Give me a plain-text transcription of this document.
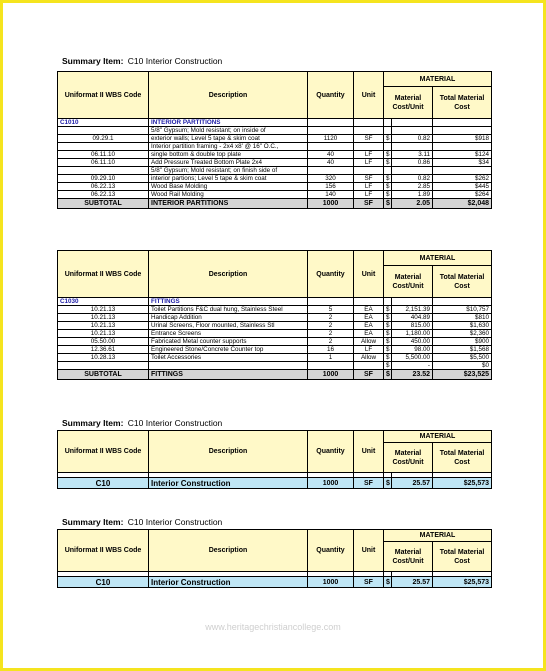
Summary Item: C10 Interior Construction
Uniformat II WBS Code	Description	Quantity	Unit	MATERIAL		
				Material Cost/Unit		Total Material Cost
C1010	INTERIOR PARTITIONS					
	5/8" Gypsum; Mold resistant; on inside of					
09.29.1	exterior walls; Level 5 tape & skim coat	1120	SF	$	0.82	$918
	Interior partition framing - 2x4 x8' @ 16" O.C.,					
06.11.10	single bottom & double top plate	40	LF	$	3.11	$124
06.11.10	Add Pressure Treated Bottom Plate 2x4	40	LF	$	0.86	$34
	5/8" Gypsum; Mold resistant; on finish side of					
09.29.10	interior partions; Level 5 tape & skim coat	320	SF	$	0.82	$262
06.22.13	Wood Base Molding	156	LF	$	2.85	$445
06.22.13	Wood Rail Molding	140	LF	$	1.89	$264
SUBTOTAL	INTERIOR PARTITIONS	1000	SF	$	2.05	$2,048
Uniformat II WBS Code	Description	Quantity	Unit	MATERIAL		
				Material Cost/Unit		Total Material Cost
C1030	FITTINGS					
10.21.13	Toilet Partitions F&C dual hung, Stainless Steel	5	EA	$	2,151.39	$10,757
10.21.13	Handicap Addition	2	EA	$	404.89	$810
10.21.13	Urinal Screens, Floor mounted, Stainless Stl	2	EA	$	815.00	$1,630
10.21.13	Entrance Screens	2	EA	$	1,180.00	$2,360
05.50.00	Fabricated Metal counter supports	2	Allow	$	450.00	$900
12.36.61	Engineered Stone/Concrete Counter top	16	LF	$	98.00	$1,568
10.28.13	Toilet Accessories	1	Allow	$	5,500.00	$5,500
				$	-	$0
SUBTOTAL	FITTINGS	1000	SF	$	23.52	$23,525
Summary Item: C10 Interior Construction
Uniformat II WBS Code	Description	Quantity	Unit	MATERIAL		
				Material Cost/Unit		Total Material Cost

C10	Interior Construction	1000	SF	$	25.57	$25,573
Summary Item: C10 Interior Construction
Uniformat II WBS Code	Description	Quantity	Unit	MATERIAL		
				Material Cost/Unit		Total Material Cost

C10	Interior Construction	1000	SF	$	25.57	$25,573
www.heritagechristiancollege.com
